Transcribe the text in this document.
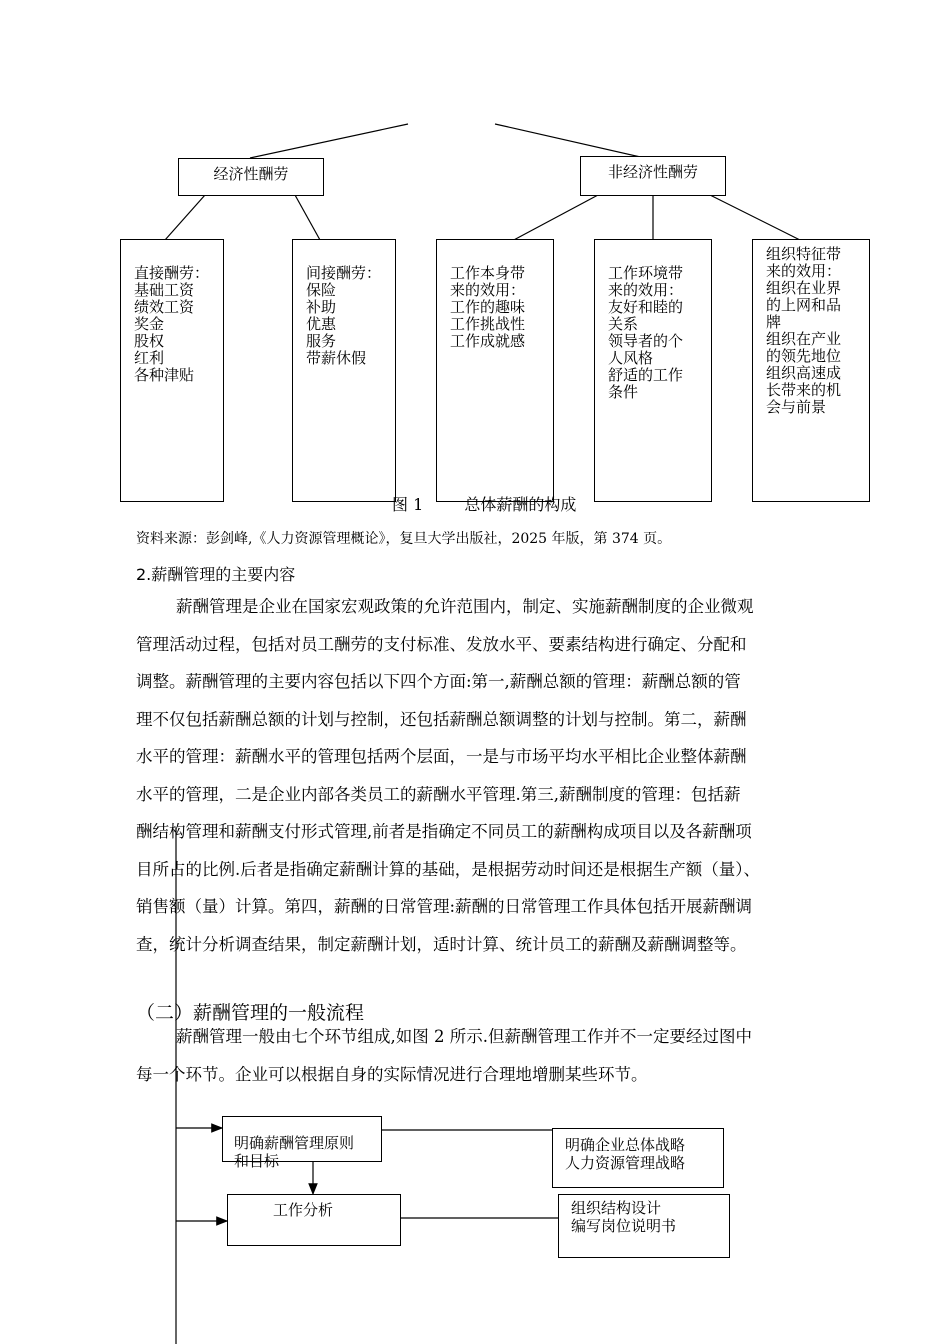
经济性酬劳	非经济性酬劳
直接酬劳：
基础工资
绩效工资
奖金
股权
红利
各种津贴
间接酬劳：
保险
补助
优惠
服务
带薪休假
工作本身带
来的效用：
工作的趣味
工作挑战性
工作成就感
工作环境带
来的效用：
友好和睦的
关系
领导者的个
人风格
舒适的工作
条件
组织特征带
来的效用：
组织在业界
的上网和品
牌
组织在产业
的领先地位
组织高速成
长带来的机
会与前景
图 1	总体薪酬的构成
资料来源：彭剑峰,《人力资源管理概论》，复旦大学出版社，2025 年版，第 374 页。
2.薪酬管理的主要内容
薪酬管理是企业在国家宏观政策的允许范围内，制定、实施薪酬制度的企业微观
管理活动过程，包括对员工酬劳的支付标准、发放水平、要素结构进行确定、分配和
调整。薪酬管理的主要内容包括以下四个方面:第一,薪酬总额的管理：薪酬总额的管
理不仅包括薪酬总额的计划与控制，还包括薪酬总额调整的计划与控制。第二，薪酬
水平的管理：薪酬水平的管理包括两个层面，一是与市场平均水平相比企业整体薪酬
水平的管理，二是企业内部各类员工的薪酬水平管理.第三,薪酬制度的管理：包括薪
酬结构管理和薪酬支付形式管理,前者是指确定不同员工的薪酬构成项目以及各薪酬项
目所占的比例.后者是指确定薪酬计算的基础，是根据劳动时间还是根据生产额（量）、
销售额（量）计算。第四，薪酬的日常管理:薪酬的日常管理工作具体包括开展薪酬调
查，统计分析调查结果，制定薪酬计划，适时计算、统计员工的薪酬及薪酬调整等。
（二）薪酬管理的一般流程
薪酬管理一般由七个环节组成,如图 2 所示.但薪酬管理工作并不一定要经过图中
每一个环节。企业可以根据自身的实际情况进行合理地增删某些环节。
明确薪酬管理原则
和目标
明确企业总体战略
人力资源管理战略
工作分析	组织结构设计
编写岗位说明书
